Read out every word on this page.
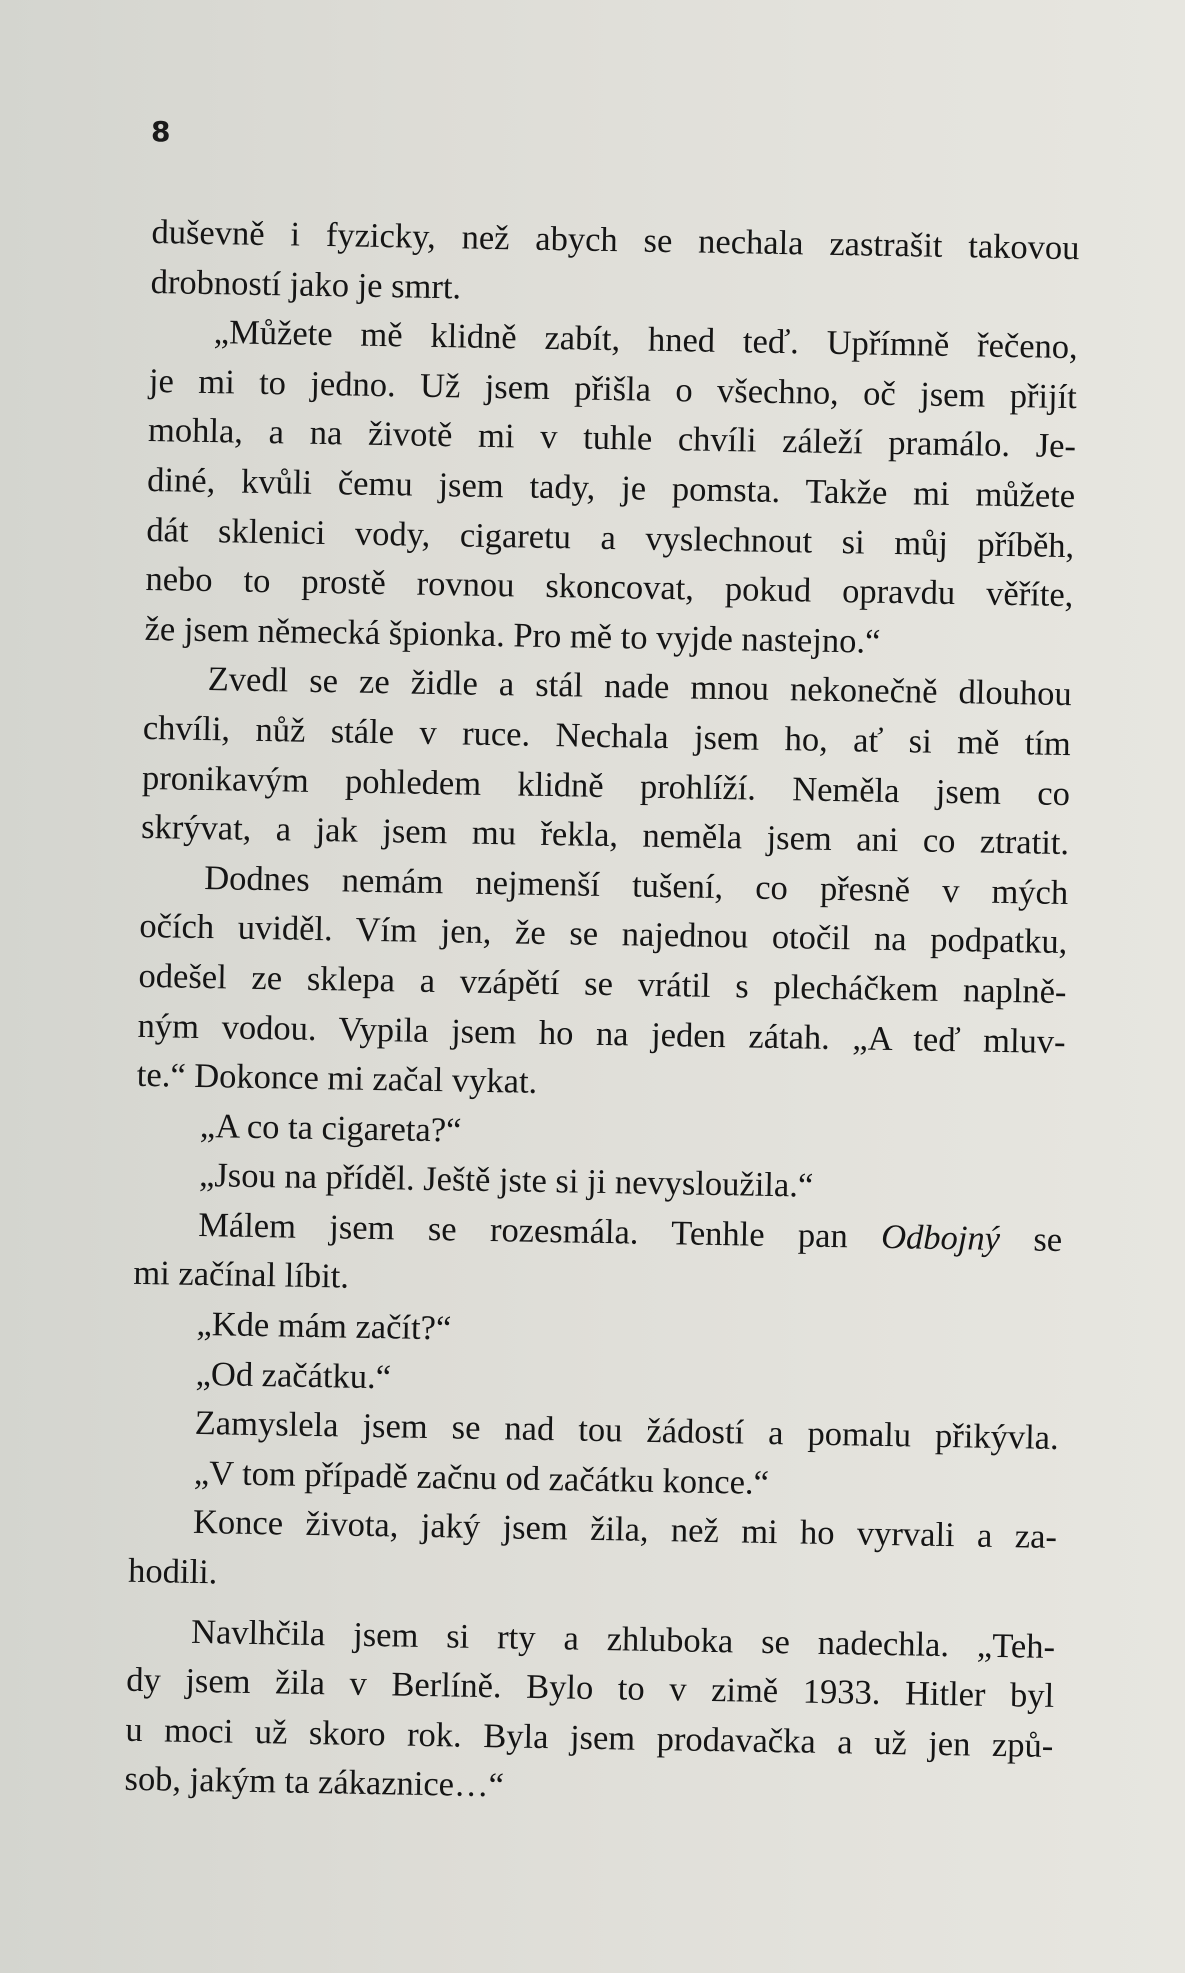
8
duševně i fyzicky, než abych se nechala zastrašit takovou
drobností jako je smrt.
„Můžete mě klidně zabít, hned teď. Upřímně řečeno,
je mi to jedno. Už jsem přišla o všechno, oč jsem přijít
mohla, a na životě mi v tuhle chvíli záleží pramálo. Je-
diné, kvůli čemu jsem tady, je pomsta. Takže mi můžete
dát sklenici vody, cigaretu a vyslechnout si můj příběh,
nebo to prostě rovnou skoncovat, pokud opravdu věříte,
že jsem německá špionka. Pro mě to vyjde nastejno.“
Zvedl se ze židle a stál nade mnou nekonečně dlouhou
chvíli, nůž stále v ruce. Nechala jsem ho, ať si mě tím
pronikavým pohledem klidně prohlíží. Neměla jsem co
skrývat, a jak jsem mu řekla, neměla jsem ani co ztratit.
Dodnes nemám nejmenší tušení, co přesně v mých
očích uviděl. Vím jen, že se najednou otočil na podpatku,
odešel ze sklepa a vzápětí se vrátil s plecháčkem naplně-
ným vodou. Vypila jsem ho na jeden zátah. „A teď mluv-
te.“ Dokonce mi začal vykat.
„A co ta cigareta?“
„Jsou na příděl. Ještě jste si ji nevysloužila.“
Málem jsem se rozesmála. Tenhle pan Odbojný se
mi začínal líbit.
„Kde mám začít?“
„Od začátku.“
Zamyslela jsem se nad tou žádostí a pomalu přikývla.
„V tom případě začnu od začátku konce.“
Konce života, jaký jsem žila, než mi ho vyrvali a za-
hodili.
Navlhčila jsem si rty a zhluboka se nadechla. „Teh-
dy jsem žila v Berlíně. Bylo to v zimě 1933. Hitler byl
u moci už skoro rok. Byla jsem prodavačka a už jen způ-
sob, jakým ta zákaznice…“
